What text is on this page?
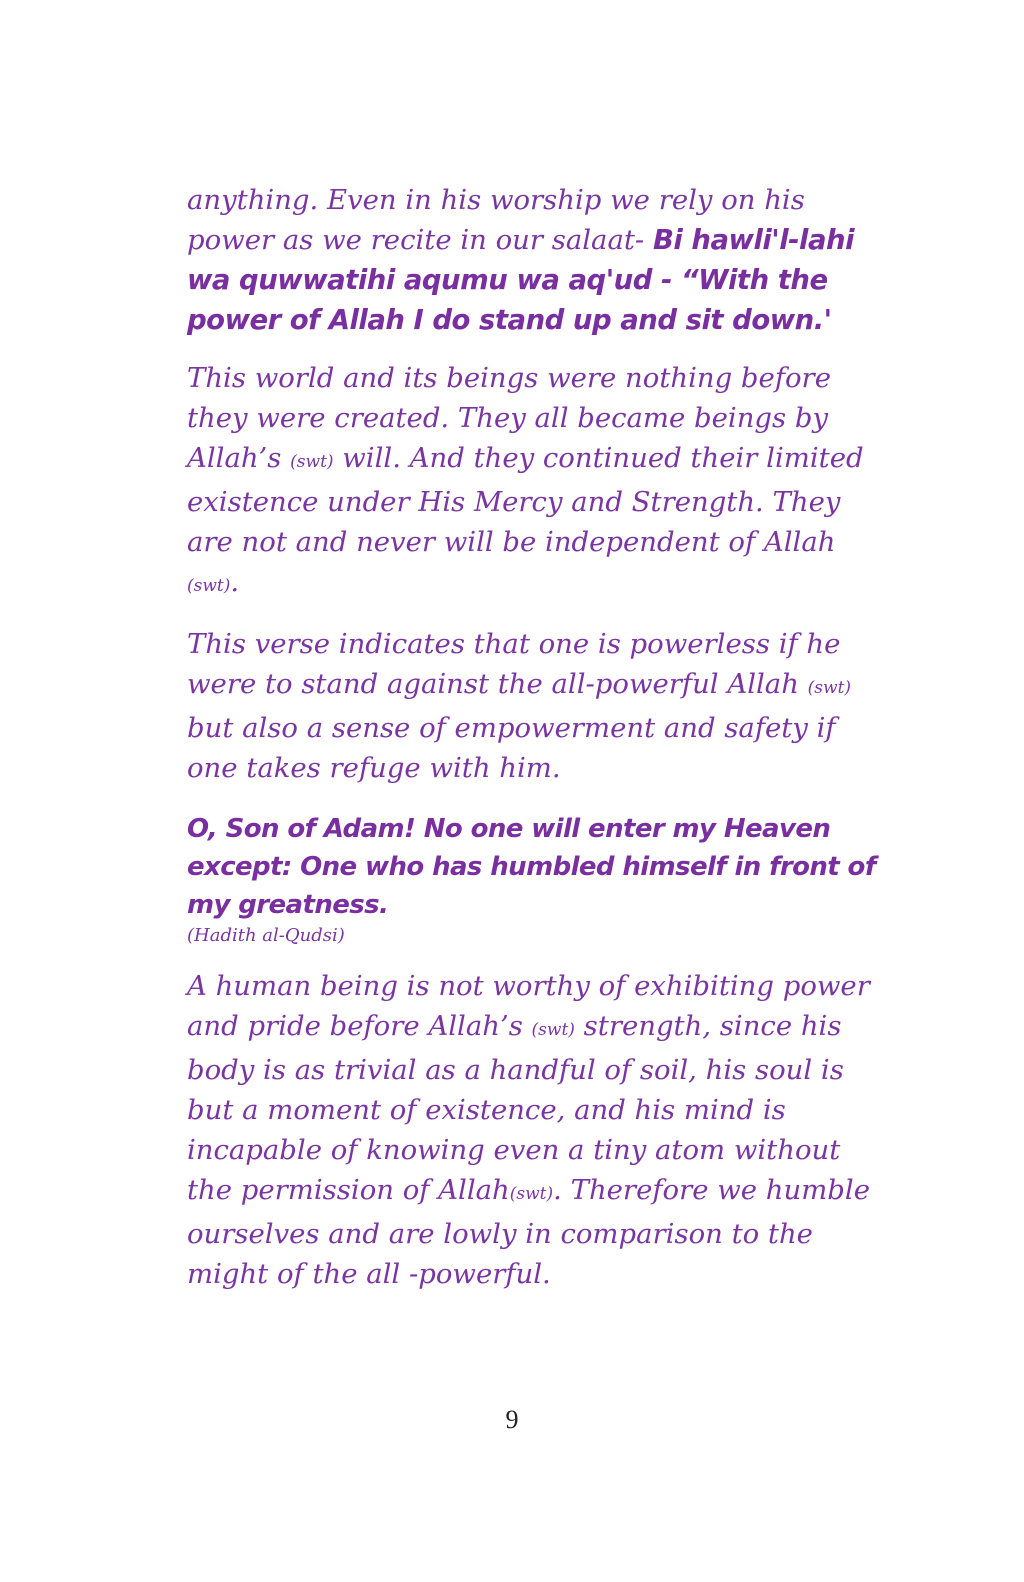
anything. Even in his worship we rely on his power as we recite in our salaat- Bi hawli'l-lahi wa quwwatihi aqumu wa aq'ud - “With the power of Allah I do stand up and sit down.'

This world and its beings were nothing before they were created. They all became beings by Allah’s (swt) will. And they continued their limited existence under His Mercy and Strength. They are not and never will be independent of Allah (swt).

This verse indicates that one is powerless if he were to stand against the all-powerful Allah (swt) but also a sense of empowerment and safety if one takes refuge with him.

O, Son of Adam! No one will enter my Heaven except: One who has humbled himself in front of my greatness.
(Hadith al-Qudsi)

A human being is not worthy of exhibiting power and pride before Allah’s (swt) strength, since his body is as trivial as a handful of soil, his soul is but a moment of existence, and his mind is incapable of knowing even a tiny atom without the permission of Allah(swt). Therefore we humble ourselves and are lowly in comparison to the might of the all -powerful.

9
